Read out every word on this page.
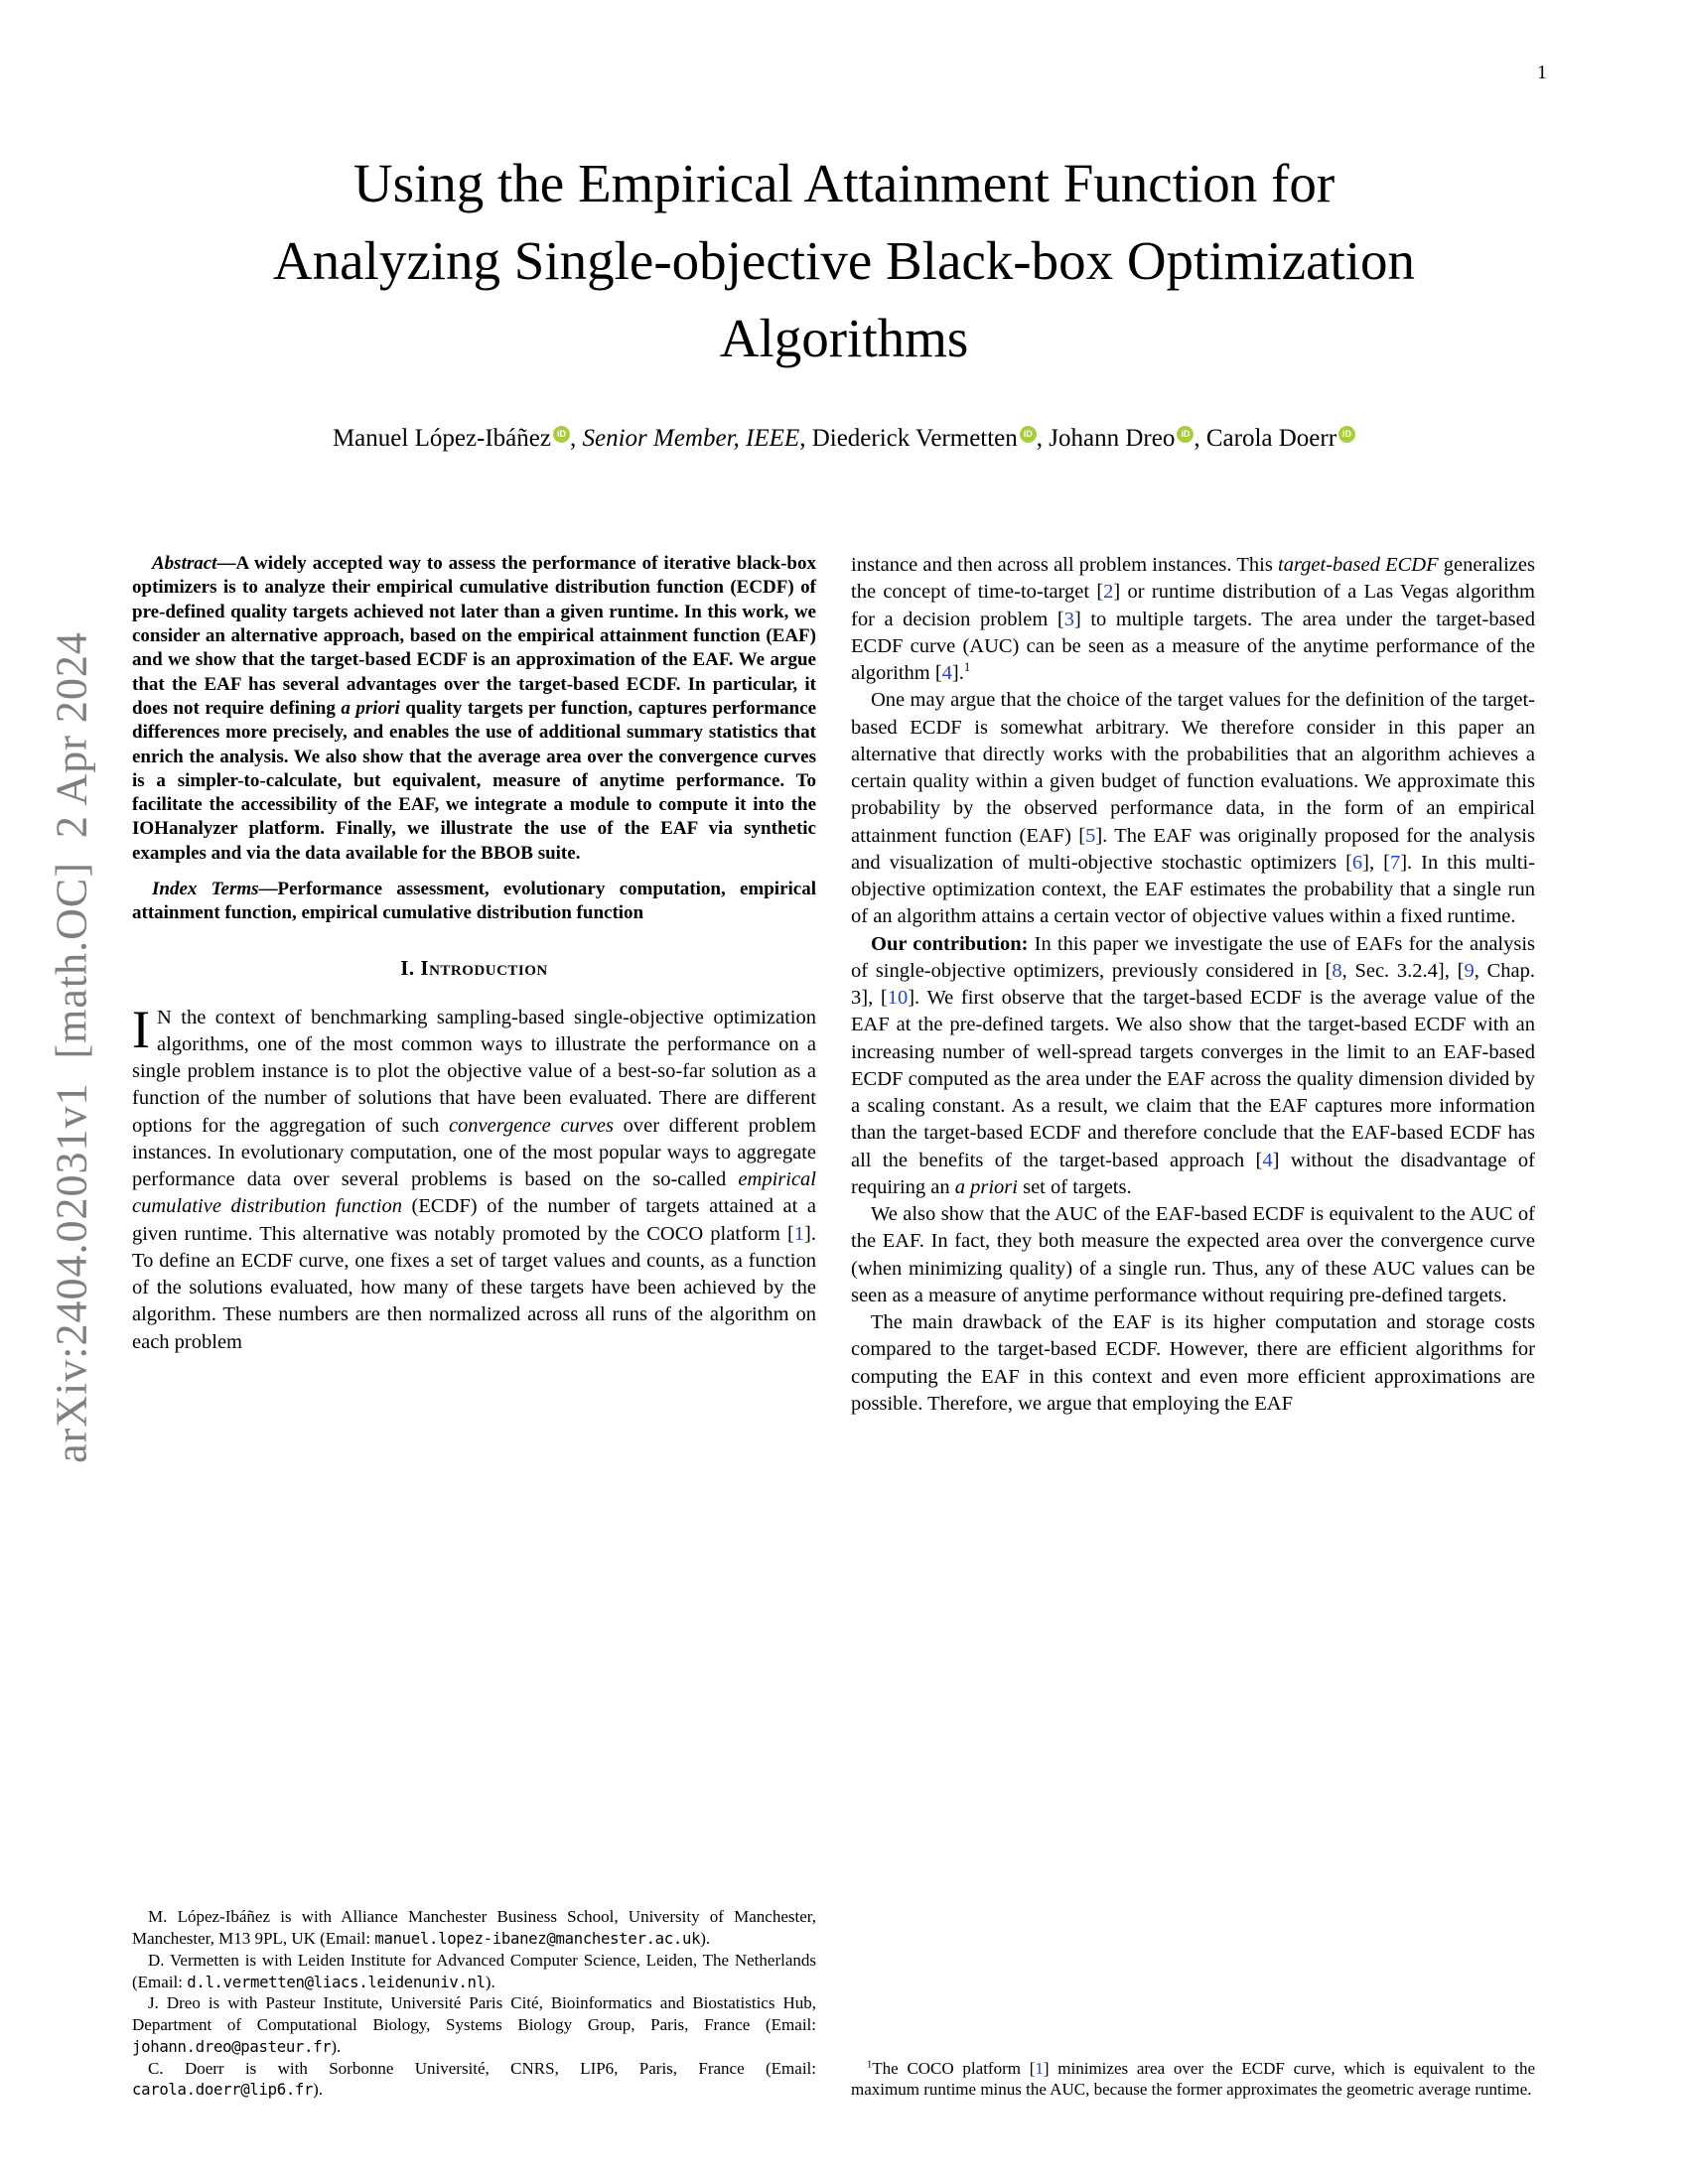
1
arXiv:2404.02031v1  [math.OC]  2 Apr 2024
Using the Empirical Attainment Function for
Analyzing Single-objective Black-box Optimization
Algorithms
Manuel López-Ibáñez iD , Senior Member, IEEE, Diederick Vermetten iD , Johann Dreo iD , Carola Doerr iD

Abstract—A widely accepted way to assess the performance of iterative black-box optimizers is to analyze their empirical cumulative distribution function (ECDF) of pre-defined quality targets achieved not later than a given runtime. In this work, we consider an alternative approach, based on the empirical attainment function (EAF) and we show that the target-based ECDF is an approximation of the EAF. We argue that the EAF has several advantages over the target-based ECDF. In particular, it does not require defining a priori quality targets per function, captures performance differences more precisely, and enables the use of additional summary statistics that enrich the analysis. We also show that the average area over the convergence curves is a simpler-to-calculate, but equivalent, measure of anytime performance. To facilitate the accessibility of the EAF, we integrate a module to compute it into the IOHanalyzer platform. Finally, we illustrate the use of the EAF via synthetic examples and via the data available for the BBOB suite.

Index Terms—Performance assessment, evolutionary computation, empirical attainment function, empirical cumulative distribution function

I. Introduction

I N the context of benchmarking sampling-based single-objective optimization algorithms, one of the most common ways to illustrate the performance on a single problem instance is to plot the objective value of a best-so-far solution as a function of the number of solutions that have been evaluated. There are different options for the aggregation of such convergence curves over different problem instances. In evolutionary computation, one of the most popular ways to aggregate performance data over several problems is based on the so-called empirical cumulative distribution function (ECDF) of the number of targets attained at a given runtime. This alternative was notably promoted by the COCO platform [1]. To define an ECDF curve, one fixes a set of target values and counts, as a function of the solutions evaluated, how many of these targets have been achieved by the algorithm. These numbers are then normalized across all runs of the algorithm on each problem

M. López-Ibáñez is with Alliance Manchester Business School, University of Manchester, Manchester, M13 9PL, UK (Email: manuel.lopez-ibanez@manchester.ac.uk).

D. Vermetten is with Leiden Institute for Advanced Computer Science, Leiden, The Netherlands (Email: d.l.vermetten@liacs.leidenuniv.nl).

J. Dreo is with Pasteur Institute, Université Paris Cité, Bioinformatics and Biostatistics Hub, Department of Computational Biology, Systems Biology Group, Paris, France (Email: johann.dreo@pasteur.fr).

C. Doerr is with Sorbonne Université, CNRS, LIP6, Paris, France (Email: carola.doerr@lip6.fr).

instance and then across all problem instances. This target-based ECDF generalizes the concept of time-to-target [2] or runtime distribution of a Las Vegas algorithm for a decision problem [3] to multiple targets. The area under the target-based ECDF curve (AUC) can be seen as a measure of the anytime performance of the algorithm [4].$^1$

One may argue that the choice of the target values for the definition of the target-based ECDF is somewhat arbitrary. We therefore consider in this paper an alternative that directly works with the probabilities that an algorithm achieves a certain quality within a given budget of function evaluations. We approximate this probability by the observed performance data, in the form of an empirical attainment function (EAF) [5]. The EAF was originally proposed for the analysis and visualization of multi-objective stochastic optimizers [6], [7]. In this multi-objective optimization context, the EAF estimates the probability that a single run of an algorithm attains a certain vector of objective values within a fixed runtime.

Our contribution: In this paper we investigate the use of EAFs for the analysis of single-objective optimizers, previously considered in [8, Sec. 3.2.4], [9, Chap. 3], [10]. We first observe that the target-based ECDF is the average value of the EAF at the pre-defined targets. We also show that the target-based ECDF with an increasing number of well-spread targets converges in the limit to an EAF-based ECDF computed as the area under the EAF across the quality dimension divided by a scaling constant. As a result, we claim that the EAF captures more information than the target-based ECDF and therefore conclude that the EAF-based ECDF has all the benefits of the target-based approach [4] without the disadvantage of requiring an a priori set of targets.

We also show that the AUC of the EAF-based ECDF is equivalent to the AUC of the EAF. In fact, they both measure the expected area over the convergence curve (when minimizing quality) of a single run. Thus, any of these AUC values can be seen as a measure of anytime performance without requiring pre-defined targets.

The main drawback of the EAF is its higher computation and storage costs compared to the target-based ECDF. However, there are efficient algorithms for computing the EAF in this context and even more efficient approximations are possible. Therefore, we argue that employing the EAF

$^1$The COCO platform [1] minimizes area over the ECDF curve, which is equivalent to the maximum runtime minus the AUC, because the former approximates the geometric average runtime.
